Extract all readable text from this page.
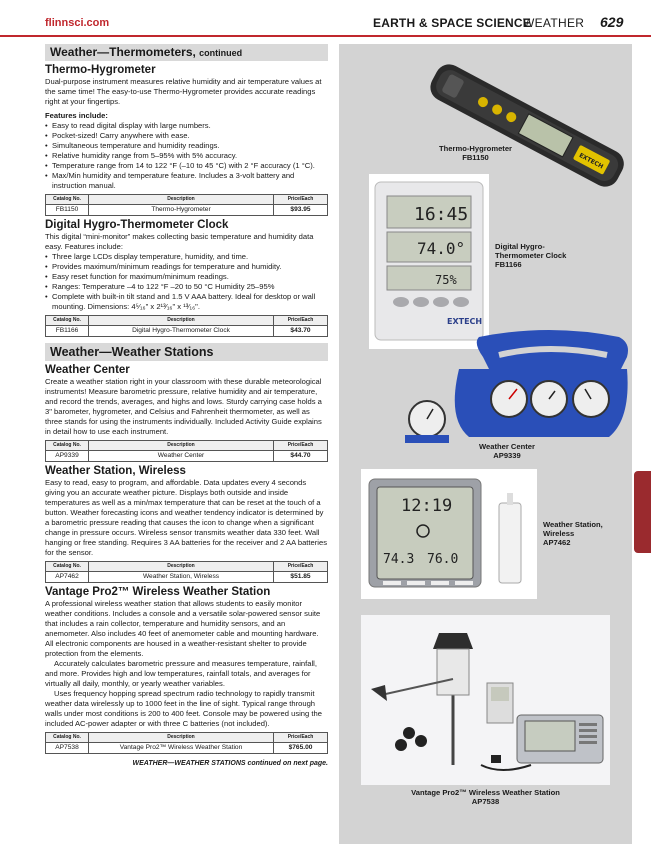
flinnsci.com	EARTH & SPACE SCIENCE
WEATHER 629
Weather—Thermometers, continued
Thermo-Hygrometer

Dual-purpose instrument measures relative humidity and air temperature values at the same time! The easy-to-use Thermo-Hygrometer provides accurate readings right at your fingertips.

Features include:
• Easy to read digital display with large numbers.
• Pocket-sized! Carry anywhere with ease.
• Simultaneous temperature and humidity readings.
• Relative humidity range from 5–95% with 5% accuracy.
• Temperature range from 14 to 122 °F (–10 to 45 °C) with 2 °F accuracy (1 °C).
• Max/Min humidity and temperature feature. Includes a 3-volt battery and instruction manual.
Catalog No.	Description	Price/Each
FB1150	Thermo-Hygrometer	$93.95
Digital Hygro-Thermometer Clock

This digital “mini-monitor” makes collecting basic temperature and humidity data easy. Features include:

• Three large LCDs display temperature, humidity, and time.
• Provides maximum/minimum readings for temperature and humidity.
• Easy reset function for maximum/minimum readings.
• Ranges: Temperature –4 to 122 °F –20 to 50 °C Humidity 25–95%
• Complete with built-in tilt stand and 1.5 V AAA battery. Ideal for desktop or wall mounting. Dimensions: 4⁵⁄₁₆" x 2¹³⁄₁₆" x ¹³⁄₁₆".
Catalog No.	Description	Price/Each
FB1166	Digital Hygro-Thermometer Clock	$43.70
Weather—Weather Stations
Weather Center

Create a weather station right in your classroom with these durable meteorological instruments! Measure barometric pressure, relative humidity and air temperature, and record the trends, averages, and highs and lows. Sturdy carrying case holds a 3" barometer, hygrometer, and Celsius and Fahrenheit thermometer, as well as three stands for using the instruments individually. Included Activity Guide explains in detail how to use each instrument.

Catalog No.	Description	Price/Each
AP9339	Weather Center	$44.70
Weather Station, Wireless

Easy to read, easy to program, and affordable. Data updates every 4 seconds giving you an accurate weather picture. Displays both outside and inside temperatures as well as a min/max temperature that can be reset at the touch of a button. Weather forecasting icons and weather tendency indicator is determined by a barometric pressure reading that causes the icon to change when a significant change in pressure occurs. Wireless sensor transmits weather data 330 feet. Wall hanging or free standing. Requires 3 AA batteries for the receiver and 2 AA batteries for the sensor.

Catalog No.	Description	Price/Each
AP7462	Weather Station, Wireless	$51.85
Vantage Pro2™ Wireless Weather Station

A professional wireless weather station that allows students to easily monitor weather conditions. Includes a console and a versatile solar-powered sensor suite that includes a rain collector, temperature and humidity sensors, and an anemometer. Also includes 40 feet of anemometer cable and mounting hardware. All electronic components are housed in a weather-resistant shelter to provide protection from the elements.

Accurately calculates barometric pressure and measures temperature, rainfall, and more. Provides high and low temperatures, rainfall totals, and averages for virtually all daily, monthly, or yearly weather variables.

Uses frequency hopping spread spectrum radio technology to rapidly transmit weather data wirelessly up to 1000 feet in the line of sight. Typical range through walls under most conditions is 200 to 400 feet. Console may be powered using the included AC-power adapter or with three C batteries (not included).

Catalog No.	Description	Price/Each
AP7538	Vantage Pro2™ Wireless Weather Station	$765.00
WEATHER—WEATHER STATIONS continued on next page.
EXTECH
Thermo-Hygrometer
FB1150
16:45
74.0°
75%
EXTECH
Digital Hygro-
Thermometer Clock
FB1166
Weather Center
AP9339
12:19
74.3 76.0
Weather Station,
Wireless
AP7462
Vantage Pro2™ Wireless Weather Station
AP7538
